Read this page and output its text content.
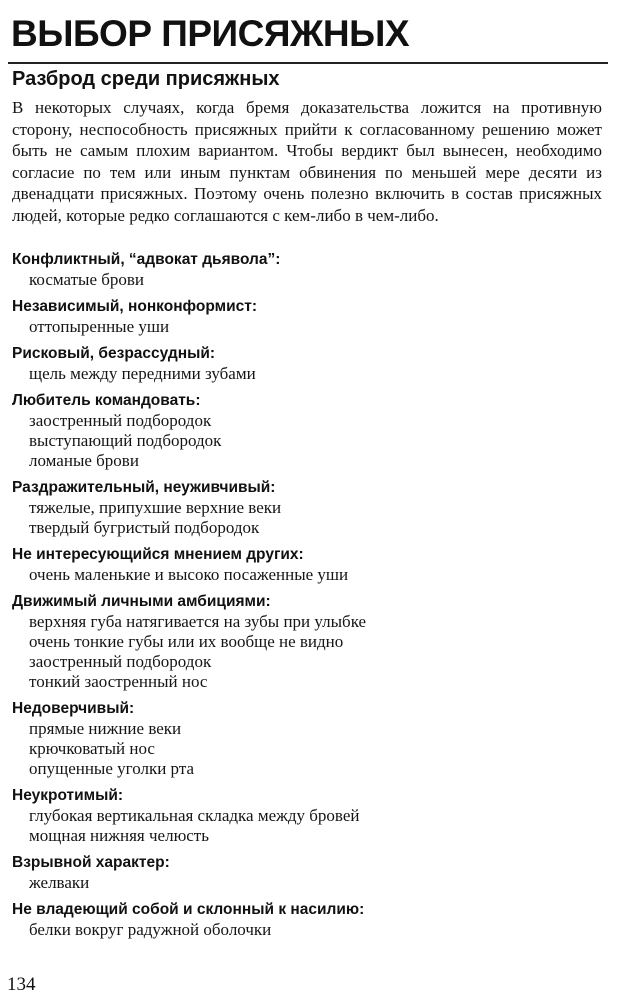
ВЫБОР ПРИСЯЖНЫХ
Разброд среди присяжных

В некоторых случаях, когда бремя доказательства ложится на противную сторону, неспособность присяжных прийти к согласованному решению может быть не самым плохим вариантом. Чтобы вердикт был вынесен, необходимо согласие по тем или иным пунктам обвинения по меньшей мере десяти из двенадцати присяжных. Поэтому очень полезно включить в состав присяжных людей, которые редко соглашаются с кем-либо в чем-либо.

Конфликтный, “адвокат дьявола”:
косматые брови
Независимый, нонконформист:
оттопыренные уши
Рисковый, безрассудный:
щель между передними зубами
Любитель командовать:
заостренный подбородок
выступающий подбородок
ломаные брови
Раздражительный, неуживчивый:
тяжелые, припухшие верхние веки
твердый бугристый подбородок
Не интересующийся мнением других:
очень маленькие и высоко посаженные уши
Движимый личными амбициями:
верхняя губа натягивается на зубы при улыбке
очень тонкие губы или их вообще не видно
заостренный подбородок
тонкий заостренный нос
Недоверчивый:
прямые нижние веки
крючковатый нос
опущенные уголки рта
Неукротимый:
глубокая вертикальная складка между бровей
мощная нижняя челюсть
Взрывной характер:
желваки
Не владеющий собой и склонный к насилию:
белки вокруг радужной оболочки
134
